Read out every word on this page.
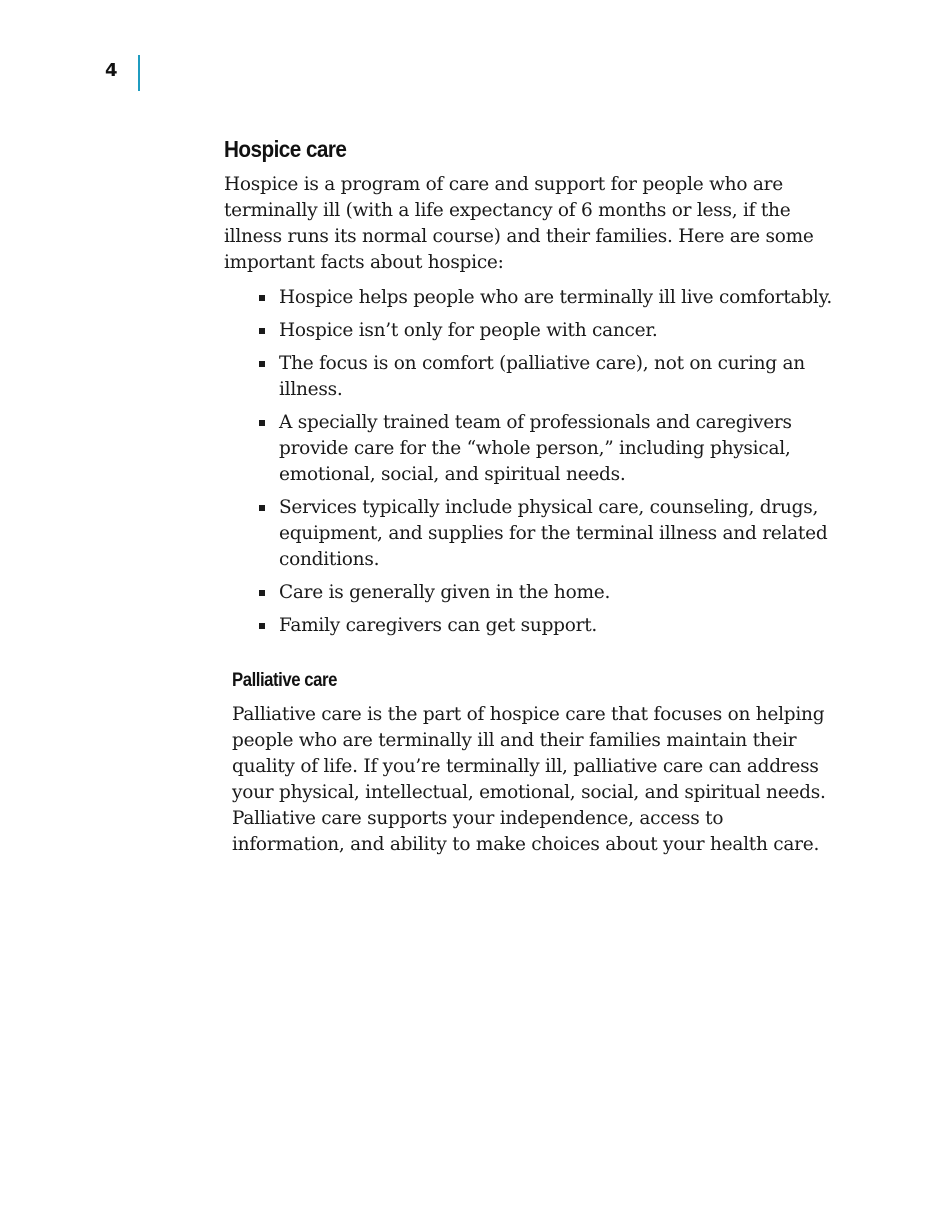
4
Hospice care

Hospice is a program of care and support for people who are terminally ill (with a life expectancy of 6 months or less, if the illness runs its normal course) and their families. Here are some important facts about hospice:

Hospice helps people who are terminally ill live comfortably.
Hospice isn’t only for people with cancer.
The focus is on comfort (palliative care), not on curing an illness.
A specially trained team of professionals and caregivers provide care for the “whole person,” including physical, emotional, social, and spiritual needs.
Services typically include physical care, counseling, drugs, equipment, and supplies for the terminal illness and related conditions.
Care is generally given in the home.
Family caregivers can get support.
Palliative care

Palliative care is the part of hospice care that focuses on helping people who are terminally ill and their families maintain their quality of life. If you’re terminally ill, palliative care can address your physical, intellectual, emotional, social, and spiritual needs. Palliative care supports your independence, access to information, and ability to make choices about your health care.
